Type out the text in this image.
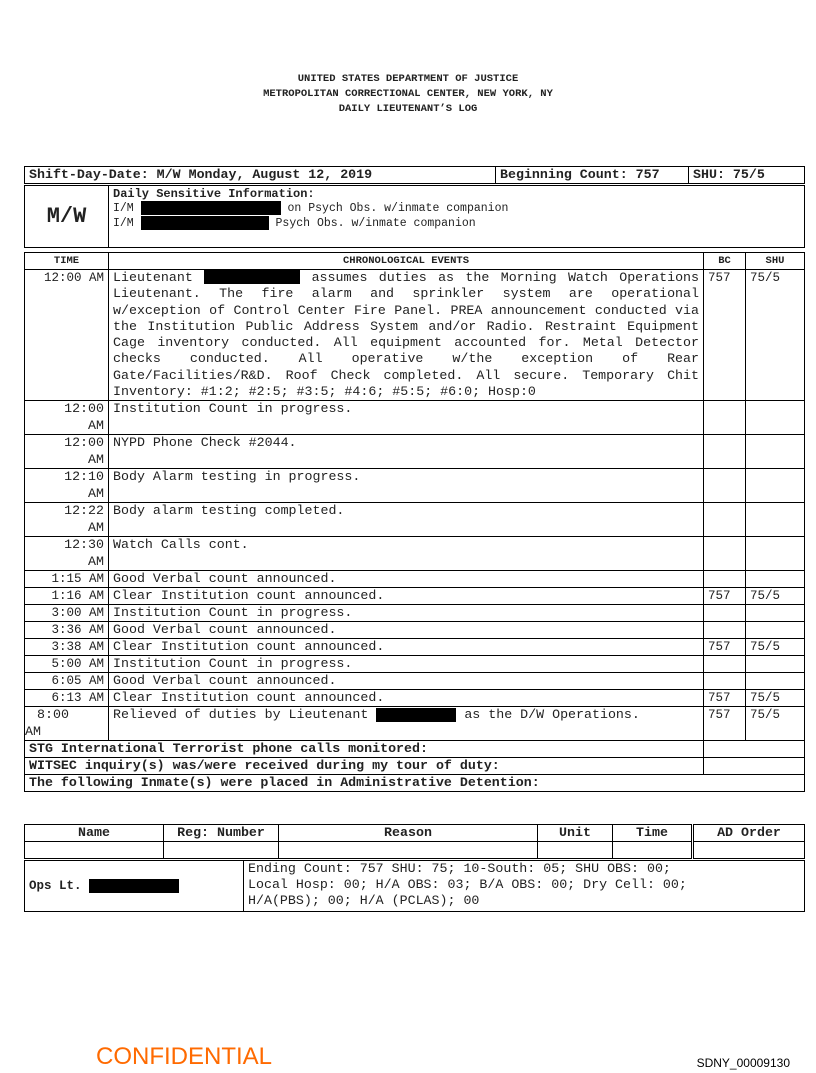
UNITED STATES DEPARTMENT OF JUSTICE
METROPOLITAN CORRECTIONAL CENTER, NEW YORK, NY
DAILY LIEUTENANT’S LOG
Shift-Day-Date: M/W Monday, August 12, 2019	Beginning Count: 757	SHU: 75/5
M/W	
Daily Sensitive Information:
I/M	on Psych Obs. w/inmate companion
I/M	Psych Obs. w/inmate companion
TIME	CHRONOLOGICAL EVENTS	BC	SHU
12:00 AM	Lieutenant assumes duties as the Morning Watch Operations Lieutenant. The fire alarm and sprinkler system are operational w/exception of Control Center Fire Panel. PREA announcement conducted via the Institution Public Address System and/or Radio. Restraint Equipment Cage inventory conducted. All equipment accounted for. Metal Detector checks conducted. All operative w/the exception of Rear Gate/Facilities/R&D. Roof Check completed. All secure. Temporary Chit Inventory: #1:2; #2:5; #3:5; #4:6; #5:5; #6:0; Hosp:0	757	75/5
12:00
AM	Institution Count in progress.		
12:00
AM	NYPD Phone Check #2044.		
12:10
AM	Body Alarm testing in progress.		
12:22
AM	Body alarm testing completed.		
12:30
AM	Watch Calls cont.		
1:15 AM	Good Verbal count announced.		
1:16 AM	Clear Institution count announced.	757	75/5
3:00 AM	Institution Count in progress.		
3:36 AM	Good Verbal count announced.		
3:38 AM	Clear Institution count announced.	757	75/5
5:00 AM	Institution Count in progress.		
6:05 AM	Good Verbal count announced.		
6:13 AM	Clear Institution count announced.	757	75/5
8:00
AM	Relieved of duties by Lieutenant as the D/W Operations.	757	75/5
STG International Terrorist phone calls monitored:			
WITSEC inquiry(s) was/were received during my tour of duty:			
The following Inmate(s) were placed in Administrative Detention:			
Name	Reg: Number	Reason	Unit	Time	AD Order

Ops Lt.	
Ending Count: 757 SHU: 75; 10-South: 05; SHU OBS: 00;
Local Hosp: 00; H/A OBS: 03; B/A OBS: 00; Dry Cell: 00;
H/A(PBS); 00; H/A (PCLAS); 00
CONFIDENTIAL	SDNY_00009130
